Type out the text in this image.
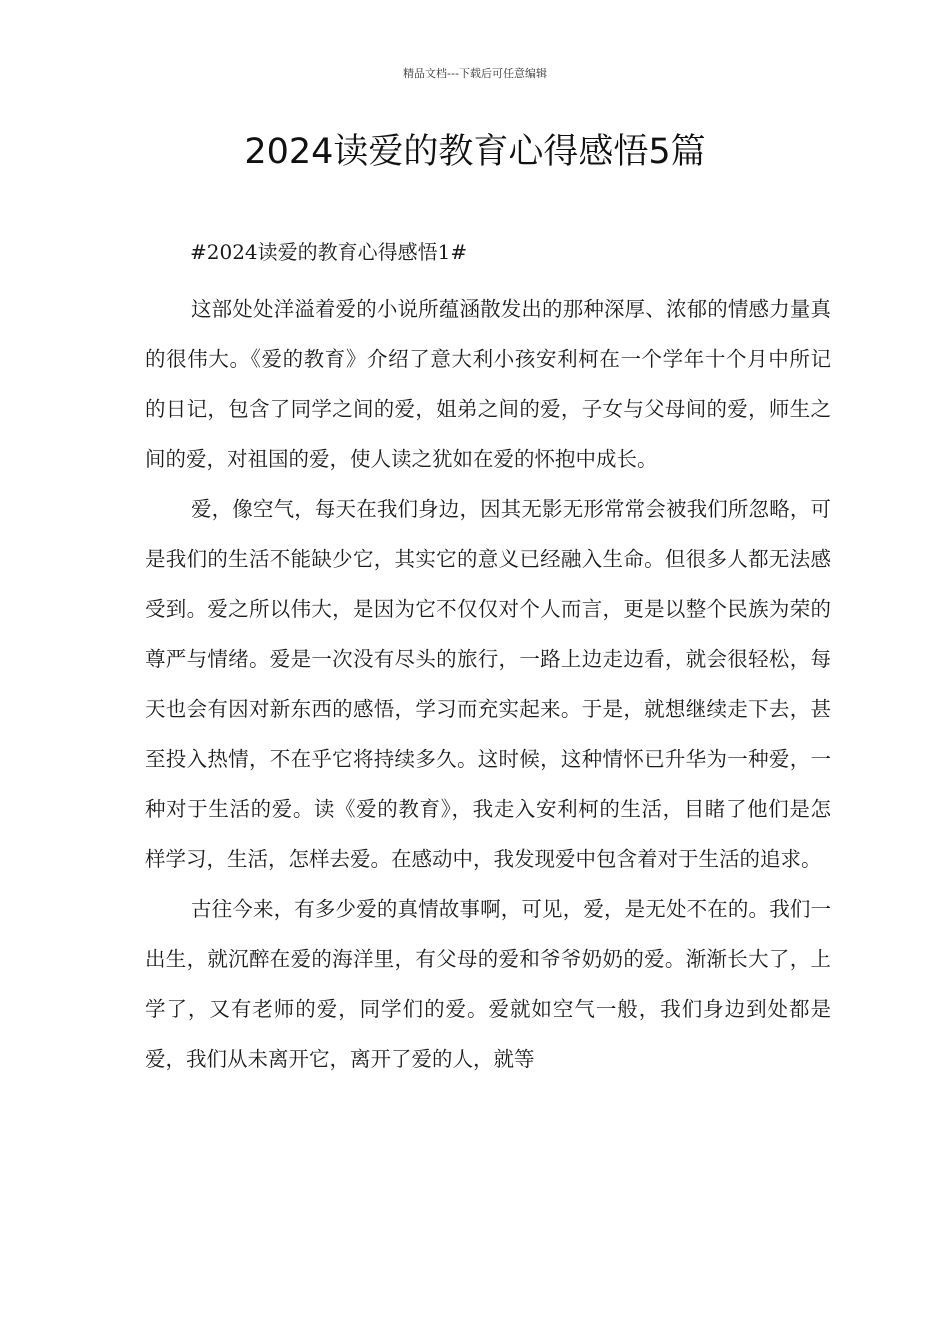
精品文档---下载后可任意编辑
2024读爱的教育心得感悟5篇
#2024读爱的教育心得感悟1#

这部处处洋溢着爱的小说所蕴涵散发出的那种深厚、浓郁的情感力量真的很伟大。《爱的教育》介绍了意大利小孩安利柯在一个学年十个月中所记的日记，包含了同学之间的爱，姐弟之间的爱，子女与父母间的爱，师生之间的爱，对祖国的爱，使人读之犹如在爱的怀抱中成长。

爱，像空气，每天在我们身边，因其无影无形常常会被我们所忽略，可是我们的生活不能缺少它，其实它的意义已经融入生命。但很多人都无法感受到。爱之所以伟大，是因为它不仅仅对个人而言，更是以整个民族为荣的尊严与情绪。爱是一次没有尽头的旅行，一路上边走边看，就会很轻松，每天也会有因对新东西的感悟，学习而充实起来。于是，就想继续走下去，甚至投入热情，不在乎它将持续多久。这时候，这种情怀已升华为一种爱，一种对于生活的爱。读《爱的教育》，我走入安利柯的生活，目睹了他们是怎样学习，生活，怎样去爱。在感动中，我发现爱中包含着对于生活的追求。

古往今来，有多少爱的真情故事啊，可见，爱，是无处不在的。我们一出生，就沉醉在爱的海洋里，有父母的爱和爷爷奶奶的爱。渐渐长大了，上学了，又有老师的爱，同学们的爱。爱就如空气一般，我们身边到处都是爱，我们从未离开它，离开了爱的人，就等
